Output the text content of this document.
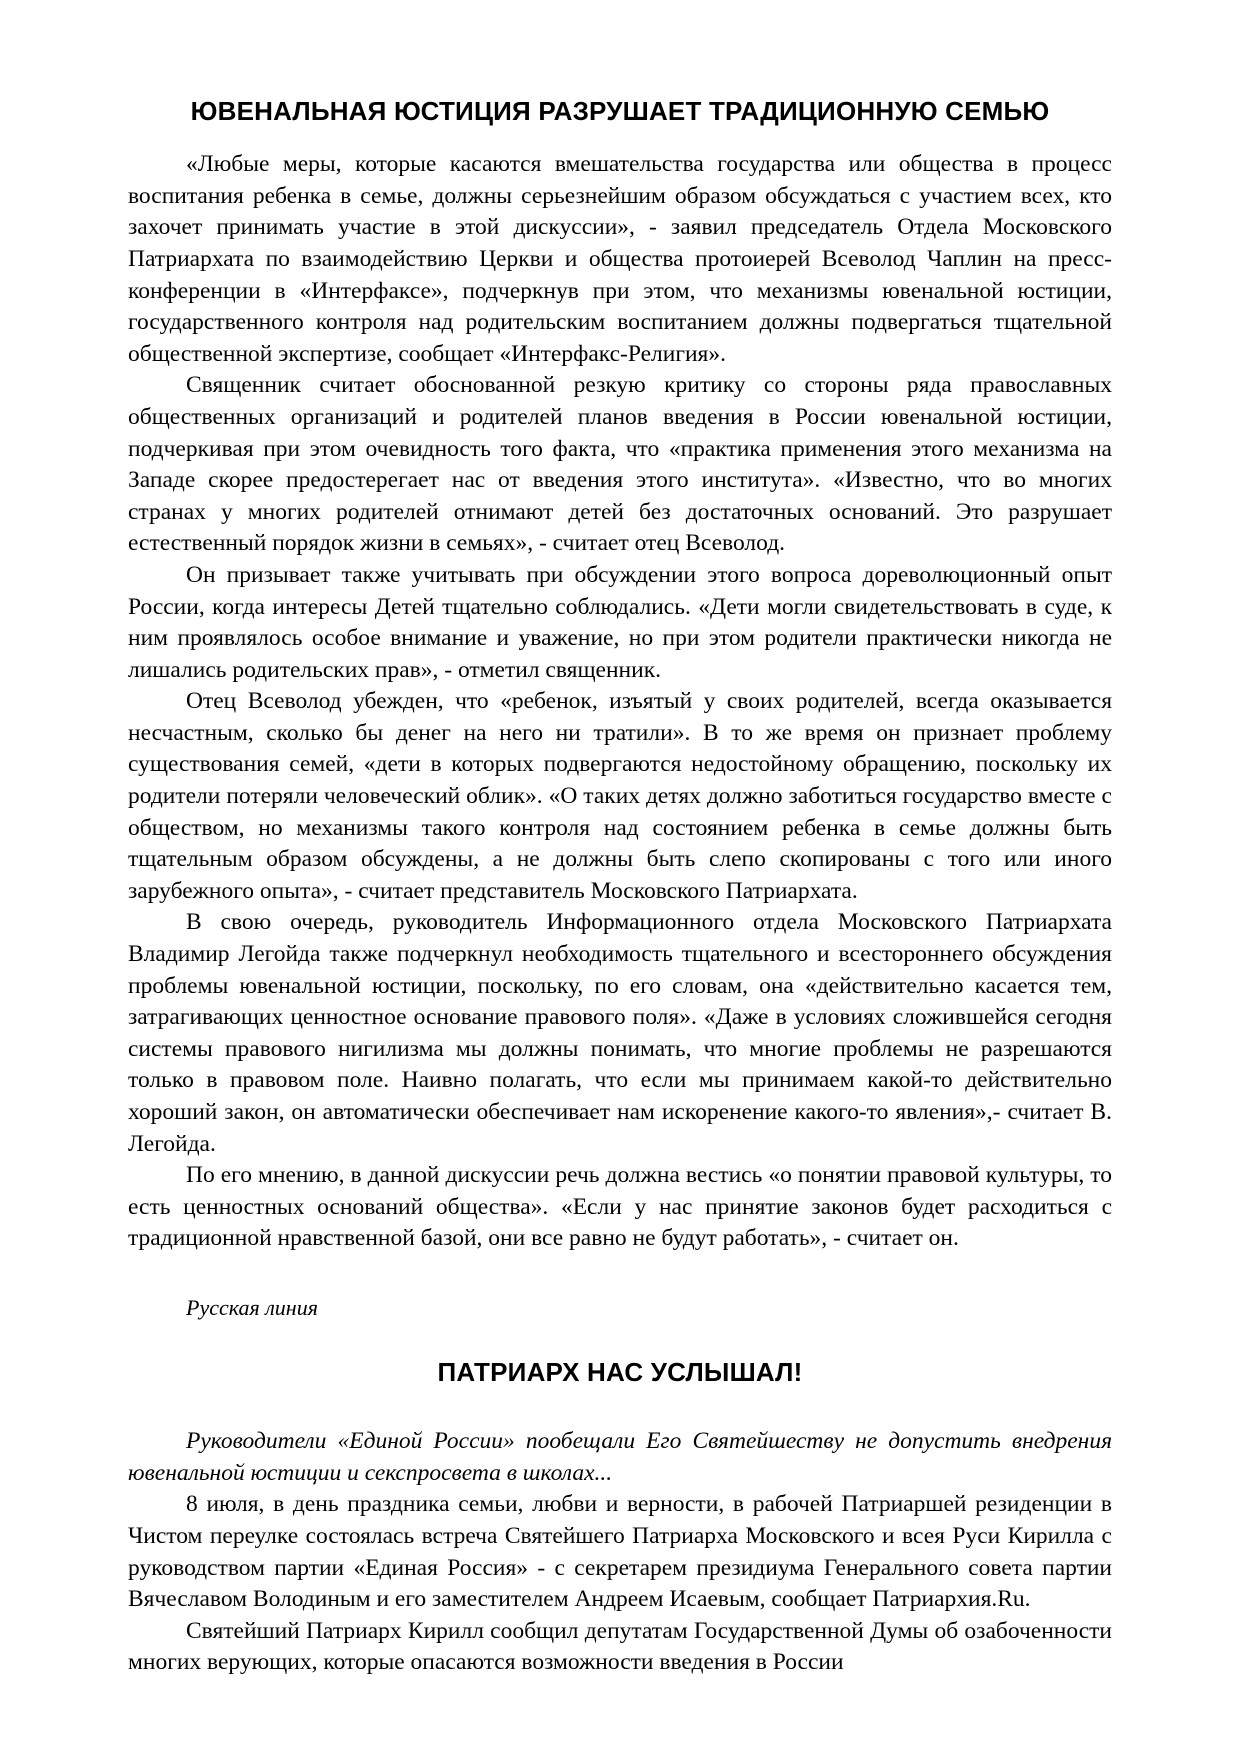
ЮВЕНАЛЬНАЯ ЮСТИЦИЯ РАЗРУШАЕТ ТРАДИЦИОННУЮ СЕМЬЮ

«Любые меры, которые касаются вмешательства государства или общества в процесс воспитания ребенка в семье, должны серьезнейшим образом обсуждаться с участием всех, кто захочет принимать участие в этой дискуссии», - заявил председатель Отдела Московского Патриархата по взаимодействию Церкви и общества протоиерей Всеволод Чаплин на пресс-конференции в «Интерфаксе», подчеркнув при этом, что механизмы ювенальной юстиции, государственного контроля над родительским воспитанием должны подвергаться тщательной общественной экспертизе, сообщает «Интерфакс-Религия».

Священник считает обоснованной резкую критику со стороны ряда православных общественных организаций и родителей планов введения в России ювенальной юстиции, подчеркивая при этом очевидность того факта, что «практика применения этого механизма на Западе скорее предостерегает нас от введения этого института». «Известно, что во многих странах у многих родителей отнимают детей без достаточных оснований. Это разрушает естественный порядок жизни в семьях», - считает отец Всеволод.

Он призывает также учитывать при обсуждении этого вопроса дореволюционный опыт России, когда интересы Детей тщательно соблюдались. «Дети могли свидетельствовать в суде, к ним проявлялось особое внимание и уважение, но при этом родители практически никогда не лишались родительских прав», - отметил священник.

Отец Всеволод убежден, что «ребенок, изъятый у своих родителей, всегда оказывается несчастным, сколько бы денег на него ни тратили». В то же время он признает проблему существования семей, «дети в которых подвергаются недостойному обращению, поскольку их родители потеряли человеческий облик». «О таких детях должно заботиться государство вместе с обществом, но механизмы такого контроля над состоянием ребенка в семье должны быть тщательным образом обсуждены, а не должны быть слепо скопированы с того или иного зарубежного опыта», - считает представитель Московского Патриархата.

В свою очередь, руководитель Информационного отдела Московского Патриархата Владимир Легойда также подчеркнул необходимость тщательного и всестороннего обсуждения проблемы ювенальной юстиции, поскольку, по его словам, она «действительно касается тем, затрагивающих ценностное основание правового поля». «Даже в условиях сложившейся сегодня системы правового нигилизма мы должны понимать, что многие проблемы не разрешаются только в правовом поле. Наивно полагать, что если мы принимаем какой-то действительно хороший закон, он автоматически обеспечивает нам искоренение какого-то явления»,- считает В. Легойда.

По его мнению, в данной дискуссии речь должна вестись «о понятии правовой культуры, то есть ценностных оснований общества». «Если у нас принятие законов будет расходиться с традиционной нравственной базой, они все равно не будут работать», - считает он.

Русская линия

ПАТРИАРХ НАС УСЛЫШАЛ!

Руководители «Единой России» пообещали Его Святейшеству не допустить внедрения ювенальной юстиции и секспросвета в школах...

8 июля, в день праздника семьи, любви и верности, в рабочей Патриаршей резиденции в Чистом переулке состоялась встреча Святейшего Патриарха Московского и всея Руси Кирилла с руководством партии «Единая Россия» - с секретарем президиума Генерального совета партии Вячеславом Володиным и его заместителем Андреем Исаевым, сообщает Патриархия.Ru.

Святейший Патриарх Кирилл сообщил депутатам Государственной Думы об озабоченности многих верующих, которые опасаются возможности введения в России
